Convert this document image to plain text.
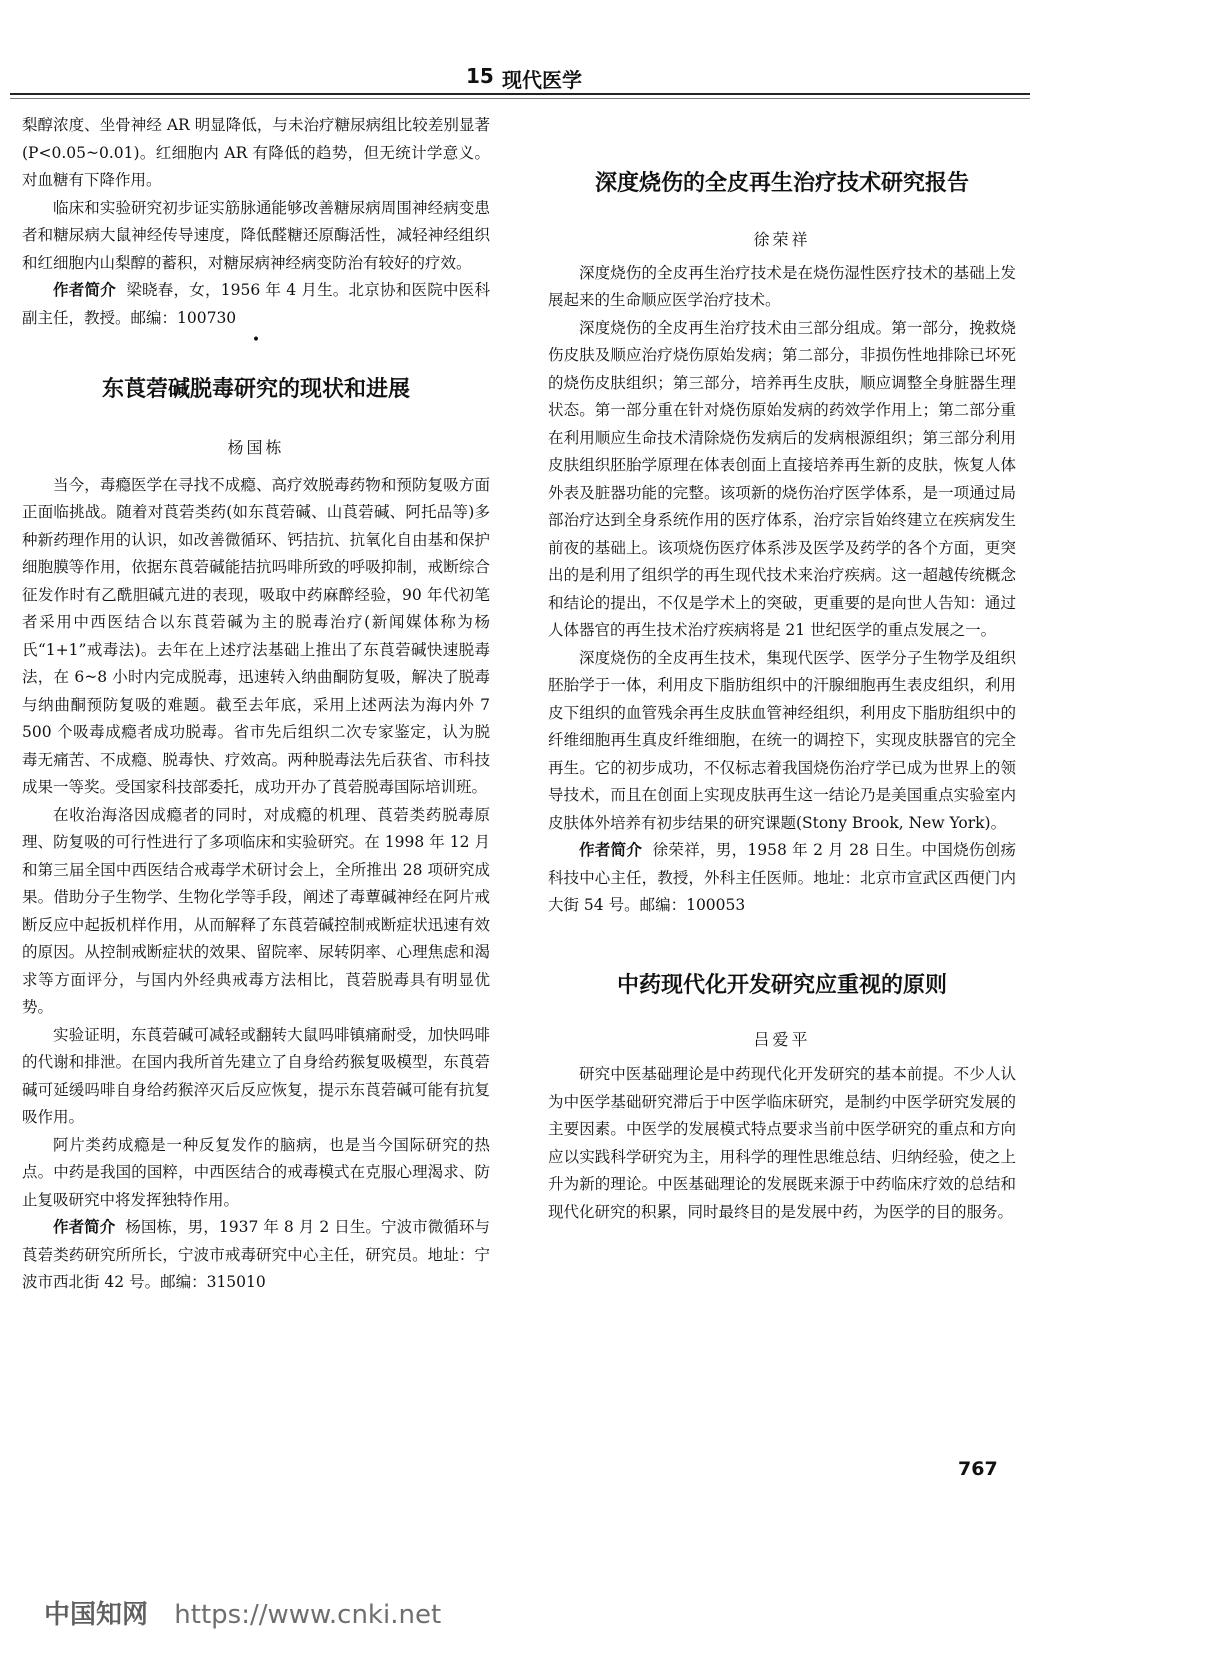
15 现代医学

梨醇浓度、坐骨神经 AR 明显降低，与未治疗糖尿病组比较差别显著(P<0.05~0.01)。红细胞内 AR 有降低的趋势，但无统计学意义。对血糖有下降作用。

临床和实验研究初步证实筋脉通能够改善糖尿病周围神经病变患者和糖尿病大鼠神经传导速度，降低醛糖还原酶活性，减轻神经组织和红细胞内山梨醇的蓄积，对糖尿病神经病变防治有较好的疗效。

作者简介 梁晓春，女，1956 年 4 月生。北京协和医院中医科副主任，教授。邮编：100730

•

东莨菪碱脱毒研究的现状和进展

杨国栋

当今，毒瘾医学在寻找不成瘾、高疗效脱毒药物和预防复吸方面正面临挑战。随着对莨菪类药(如东莨菪碱、山莨菪碱、阿托品等)多种新药理作用的认识，如改善微循环、钙拮抗、抗氧化自由基和保护细胞膜等作用，依据东莨菪碱能拮抗吗啡所致的呼吸抑制，戒断综合征发作时有乙酰胆碱亢进的表现，吸取中药麻醉经验，90 年代初笔者采用中西医结合以东莨菪碱为主的脱毒治疗(新闻媒体称为杨氏“1+1”戒毒法)。去年在上述疗法基础上推出了东莨菪碱快速脱毒法，在 6~8 小时内完成脱毒，迅速转入纳曲酮防复吸，解决了脱毒与纳曲酮预防复吸的难题。截至去年底，采用上述两法为海内外 7 500 个吸毒成瘾者成功脱毒。省市先后组织二次专家鉴定，认为脱毒无痛苦、不成瘾、脱毒快、疗效高。两种脱毒法先后获省、市科技成果一等奖。受国家科技部委托，成功开办了莨菪脱毒国际培训班。

在收治海洛因成瘾者的同时，对成瘾的机理、莨菪类药脱毒原理、防复吸的可行性进行了多项临床和实验研究。在 1998 年 12 月和第三届全国中西医结合戒毒学术研讨会上，全所推出 28 项研究成果。借助分子生物学、生物化学等手段，阐述了毒蕈碱神经在阿片戒断反应中起扳机样作用，从而解释了东莨菪碱控制戒断症状迅速有效的原因。从控制戒断症状的效果、留院率、尿转阴率、心理焦虑和渴求等方面评分，与国内外经典戒毒方法相比，莨菪脱毒具有明显优势。

实验证明，东莨菪碱可减轻或翻转大鼠吗啡镇痛耐受，加快吗啡的代谢和排泄。在国内我所首先建立了自身给药猴复吸模型，东莨菪碱可延缓吗啡自身给药猴淬灭后反应恢复，提示东莨菪碱可能有抗复吸作用。

阿片类药成瘾是一种反复发作的脑病，也是当今国际研究的热点。中药是我国的国粹，中西医结合的戒毒模式在克服心理渴求、防止复吸研究中将发挥独特作用。

作者简介 杨国栋，男，1937 年 8 月 2 日生。宁波市微循环与莨菪类药研究所所长，宁波市戒毒研究中心主任，研究员。地址：宁波市西北街 42 号。邮编：315010

深度烧伤的全皮再生治疗技术研究报告

徐荣祥

深度烧伤的全皮再生治疗技术是在烧伤湿性医疗技术的基础上发展起来的生命顺应医学治疗技术。

深度烧伤的全皮再生治疗技术由三部分组成。第一部分，挽救烧伤皮肤及顺应治疗烧伤原始发病；第二部分，非损伤性地排除已坏死的烧伤皮肤组织；第三部分，培养再生皮肤，顺应调整全身脏器生理状态。第一部分重在针对烧伤原始发病的药效学作用上；第二部分重在利用顺应生命技术清除烧伤发病后的发病根源组织；第三部分利用皮肤组织胚胎学原理在体表创面上直接培养再生新的皮肤，恢复人体外表及脏器功能的完整。该项新的烧伤治疗医学体系，是一项通过局部治疗达到全身系统作用的医疗体系，治疗宗旨始终建立在疾病发生前夜的基础上。该项烧伤医疗体系涉及医学及药学的各个方面，更突出的是利用了组织学的再生现代技术来治疗疾病。这一超越传统概念和结论的提出，不仅是学术上的突破，更重要的是向世人告知：通过人体器官的再生技术治疗疾病将是 21 世纪医学的重点发展之一。

深度烧伤的全皮再生技术，集现代医学、医学分子生物学及组织胚胎学于一体，利用皮下脂肪组织中的汗腺细胞再生表皮组织，利用皮下组织的血管残余再生皮肤血管神经组织，利用皮下脂肪组织中的纤维细胞再生真皮纤维细胞，在统一的调控下，实现皮肤器官的完全再生。它的初步成功，不仅标志着我国烧伤治疗学已成为世界上的领导技术，而且在创面上实现皮肤再生这一结论乃是美国重点实验室内皮肤体外培养有初步结果的研究课题(Stony Brook, New York)。

作者简介 徐荣祥，男，1958 年 2 月 28 日生。中国烧伤创疡科技中心主任，教授，外科主任医师。地址：北京市宣武区西便门内大街 54 号。邮编：100053

中药现代化开发研究应重视的原则

吕爱平

研究中医基础理论是中药现代化开发研究的基本前提。不少人认为中医学基础研究滞后于中医学临床研究，是制约中医学研究发展的主要因素。中医学的发展模式特点要求当前中医学研究的重点和方向应以实践科学研究为主，用科学的理性思维总结、归纳经验，使之上升为新的理论。中医基础理论的发展既来源于中药临床疗效的总结和现代化研究的积累，同时最终目的是发展中药，为医学的目的服务。

767
中国知网 https://www.cnki.net
